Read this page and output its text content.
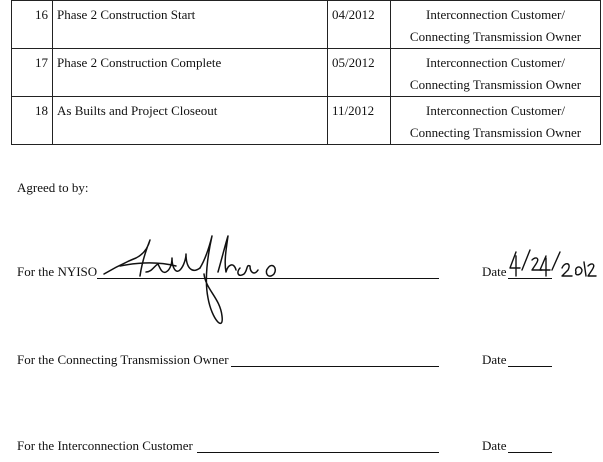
16	Phase 2 Construction Start	04/2012	Interconnection Customer/
Connecting Transmission Owner

17	Phase 2 Construction Complete	05/2012	Interconnection Customer/
Connecting Transmission Owner

18	As Builts and Project Closeout	11/2012	Interconnection Customer/
Connecting Transmission Owner
Agreed to by:
For the NYISO	Date
For the Connecting Transmission Owner	Date
For the Interconnection Customer	Date
